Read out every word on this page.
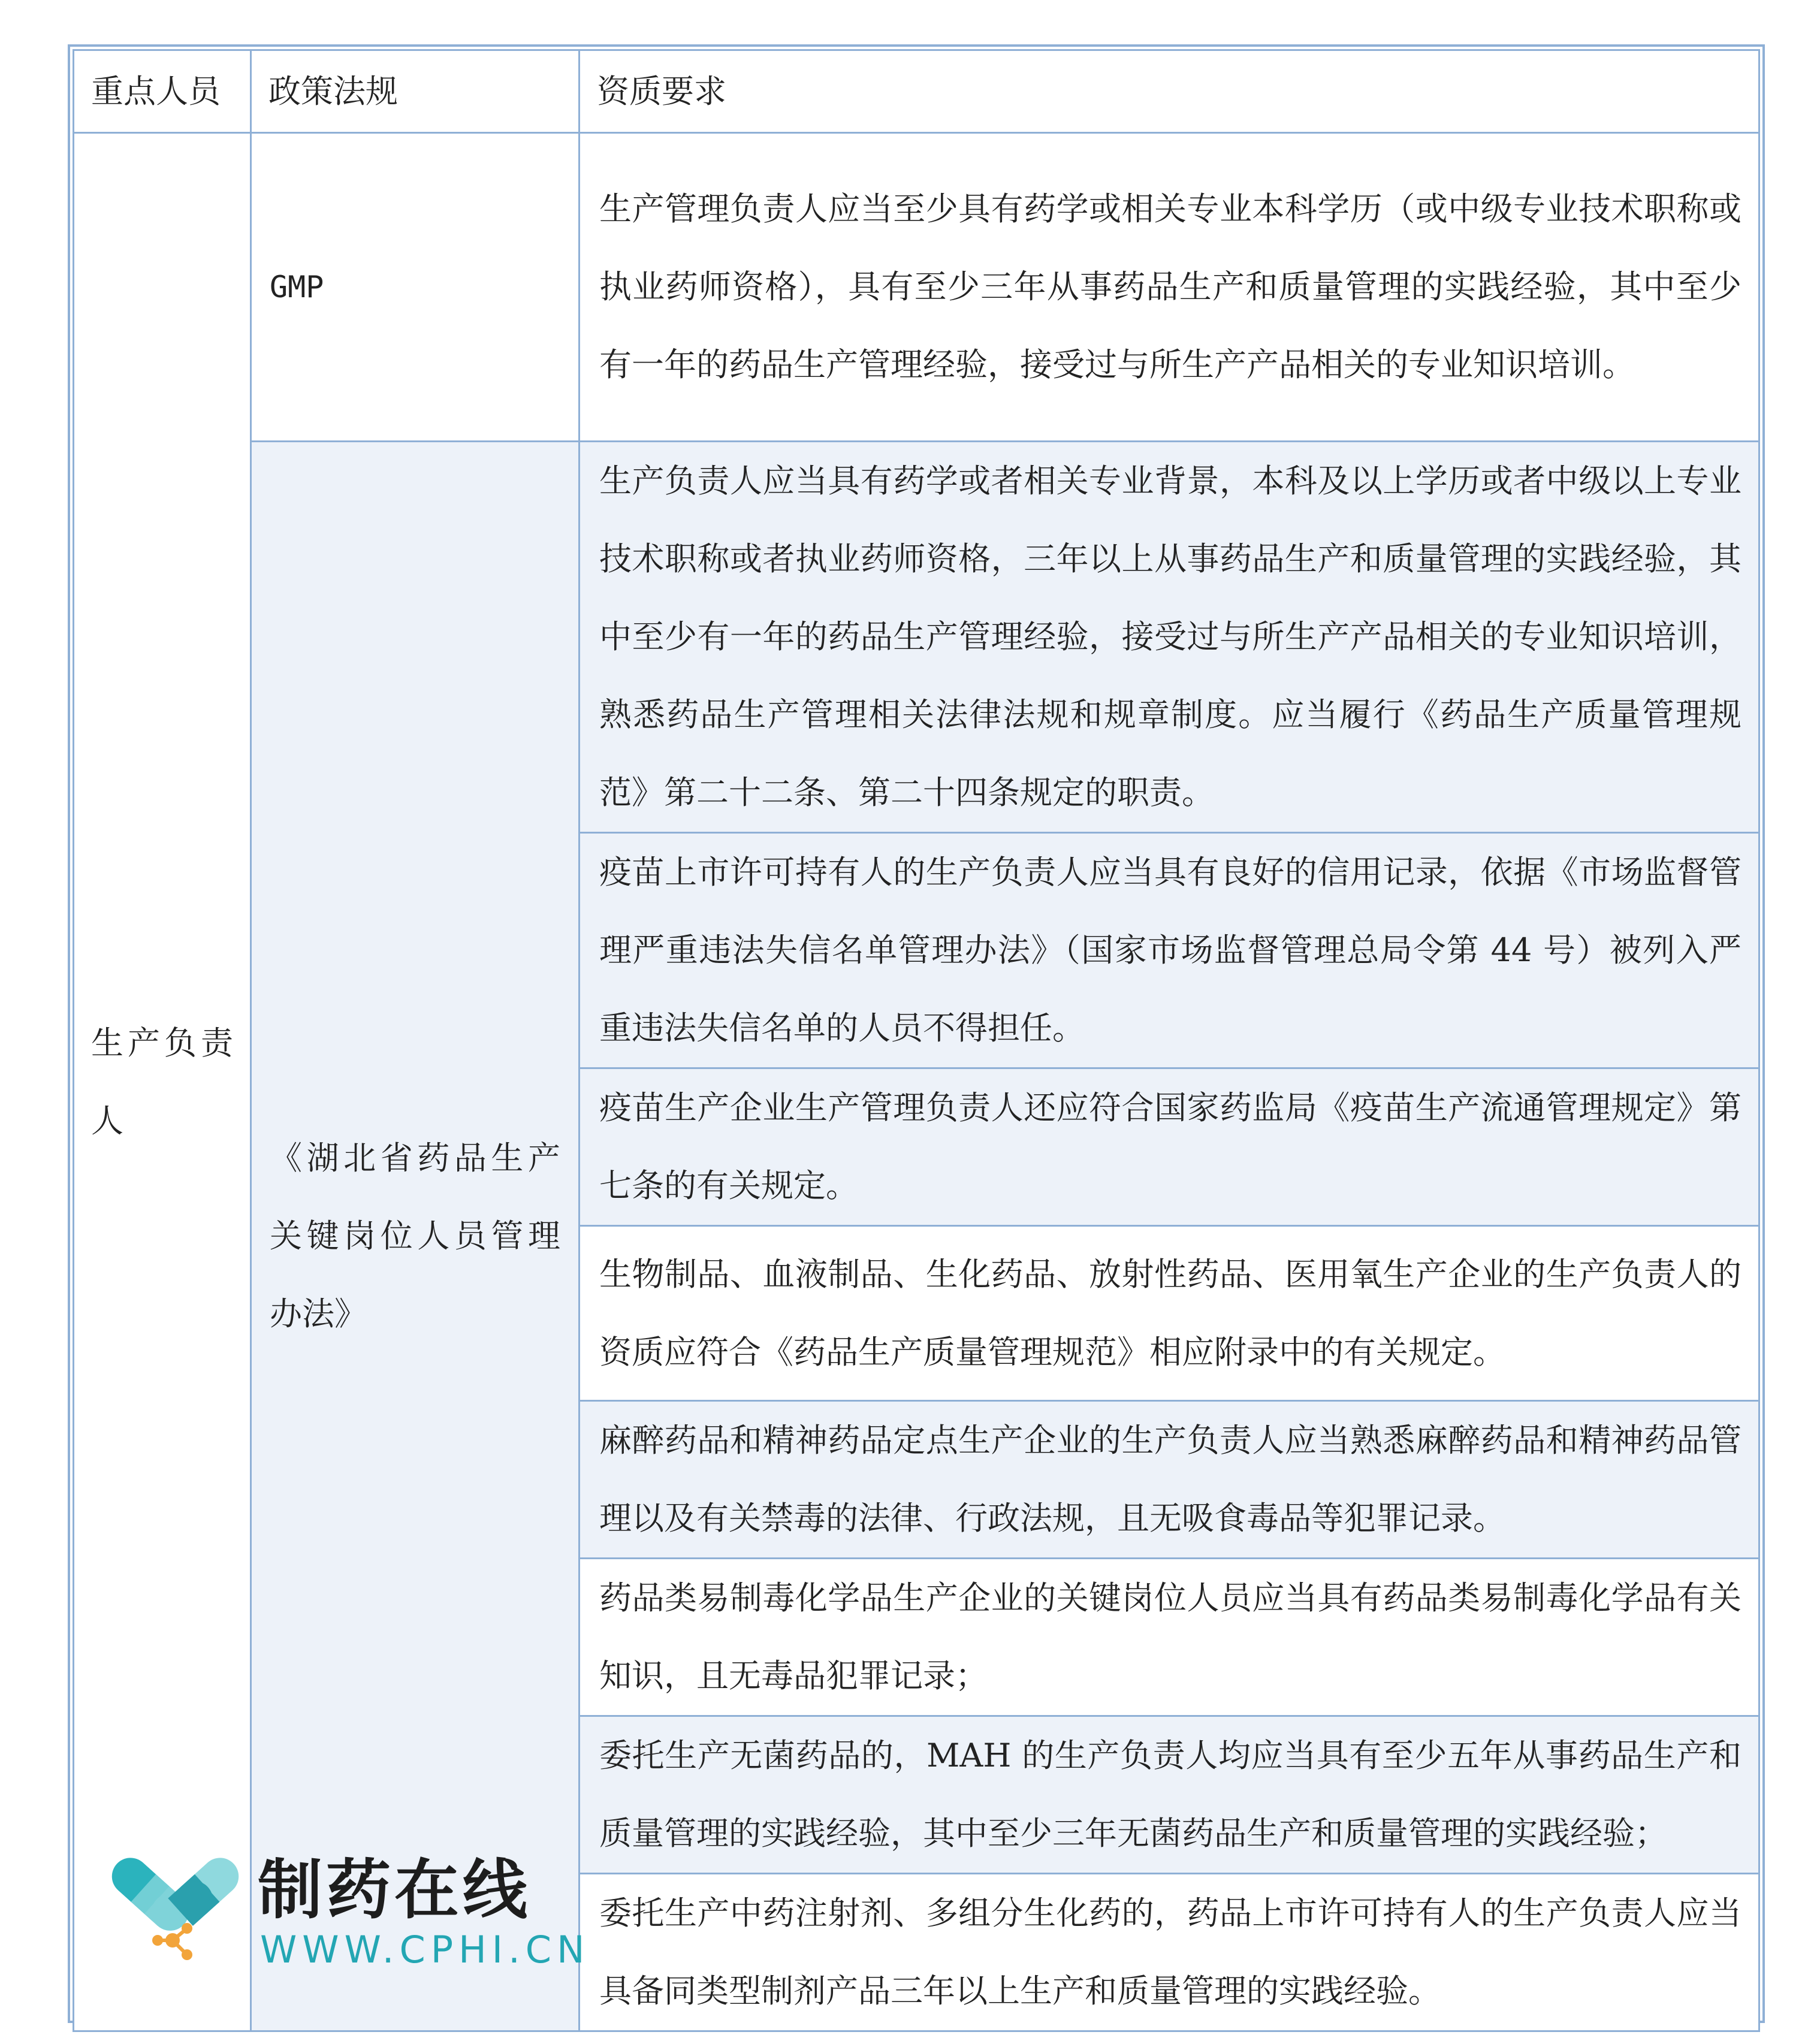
重点人员	政策法规	资质要求
生产负责人	GMP	生产管理负责人应当至少具有药学或相关专业本科学历（或中级专业技术职称或执业药师资格），具有至少三年从事药品生产和质量管理的实践经验，其中至少有一年的药品生产管理经验，接受过与所生产产品相关的专业知识培训。
	《湖北省药品生产关键岗位人员管理办法》	生产负责人应当具有药学或者相关专业背景，本科及以上学历或者中级以上专业技术职称或者执业药师资格，三年以上从事药品生产和质量管理的实践经验，其中至少有一年的药品生产管理经验，接受过与所生产产品相关的专业知识培训，熟悉药品生产管理相关法律法规和规章制度。应当履行《药品生产质量管理规范》第二十二条、第二十四条规定的职责。
		疫苗上市许可持有人的生产负责人应当具有良好的信用记录，依据《市场监督管理严重违法失信名单管理办法》（国家市场监督管理总局令第 44 号）被列入严重违法失信名单的人员不得担任。
		疫苗生产企业生产管理负责人还应符合国家药监局《疫苗生产流通管理规定》第七条的有关规定。
		生物制品、血液制品、生化药品、放射性药品、医用氧生产企业的生产负责人的资质应符合《药品生产质量管理规范》相应附录中的有关规定。
		麻醉药品和精神药品定点生产企业的生产负责人应当熟悉麻醉药品和精神药品管理以及有关禁毒的法律、行政法规，且无吸食毒品等犯罪记录。
		药品类易制毒化学品生产企业的关键岗位人员应当具有药品类易制毒化学品有关知识，且无毒品犯罪记录；
		委托生产无菌药品的，MAH 的生产负责人均应当具有至少五年从事药品生产和质量管理的实践经验，其中至少三年无菌药品生产和质量管理的实践经验；
		委托生产中药注射剂、多组分生化药的，药品上市许可持有人的生产负责人应当具备同类型制剂产品三年以上生产和质量管理的实践经验。
制药在线
WWW.CPHI.CN
